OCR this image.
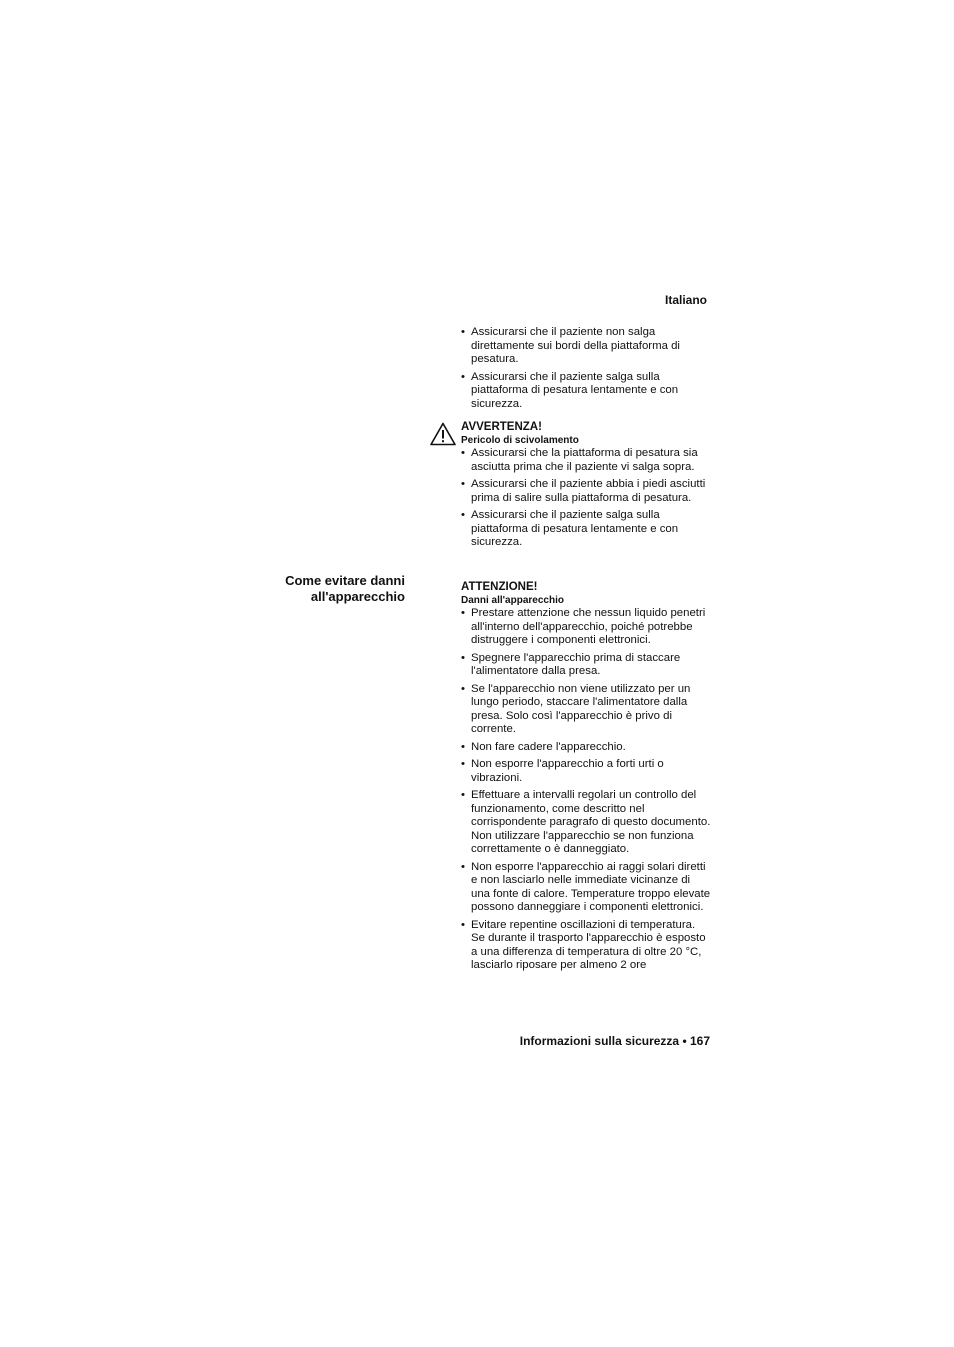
Italiano
• Assicurarsi che il paziente non salga direttamente sui bordi della piattaforma di pesatura.
• Assicurarsi che il paziente salga sulla piattaforma di pesatura lentamente e con sicurezza.
AVVERTENZA!
Pericolo di scivolamento
• Assicurarsi che la piattaforma di pesatura sia asciutta prima che il paziente vi salga sopra.
• Assicurarsi che il paziente abbia i piedi asciutti prima di salire sulla piattaforma di pesatura.
• Assicurarsi che il paziente salga sulla piattaforma di pesatura lentamente e con sicurezza.
Come evitare danni
all'apparecchio
ATTENZIONE!
Danni all'apparecchio
• Prestare attenzione che nessun liquido penetri all'interno dell'apparecchio, poiché potrebbe distruggere i componenti elettronici.
• Spegnere l'apparecchio prima di staccare l'alimentatore dalla presa.
• Se l'apparecchio non viene utilizzato per un lungo periodo, staccare l'alimentatore dalla presa. Solo così l'apparecchio è privo di corrente.
• Non fare cadere l'apparecchio.
• Non esporre l'apparecchio a forti urti o vibrazioni.
• Effettuare a intervalli regolari un controllo del funzionamento, come descritto nel corrispondente paragrafo di questo documento. Non utilizzare l'apparecchio se non funziona correttamente o è danneggiato.
• Non esporre l'apparecchio ai raggi solari diretti e non lasciarlo nelle immediate vicinanze di una fonte di calore. Temperature troppo elevate possono danneggiare i componenti elettronici.
• Evitare repentine oscillazioni di temperatura. Se durante il trasporto l'apparecchio è esposto a una differenza di temperatura di oltre 20 °C, lasciarlo riposare per almeno 2 ore
Informazioni sulla sicurezza • 167
